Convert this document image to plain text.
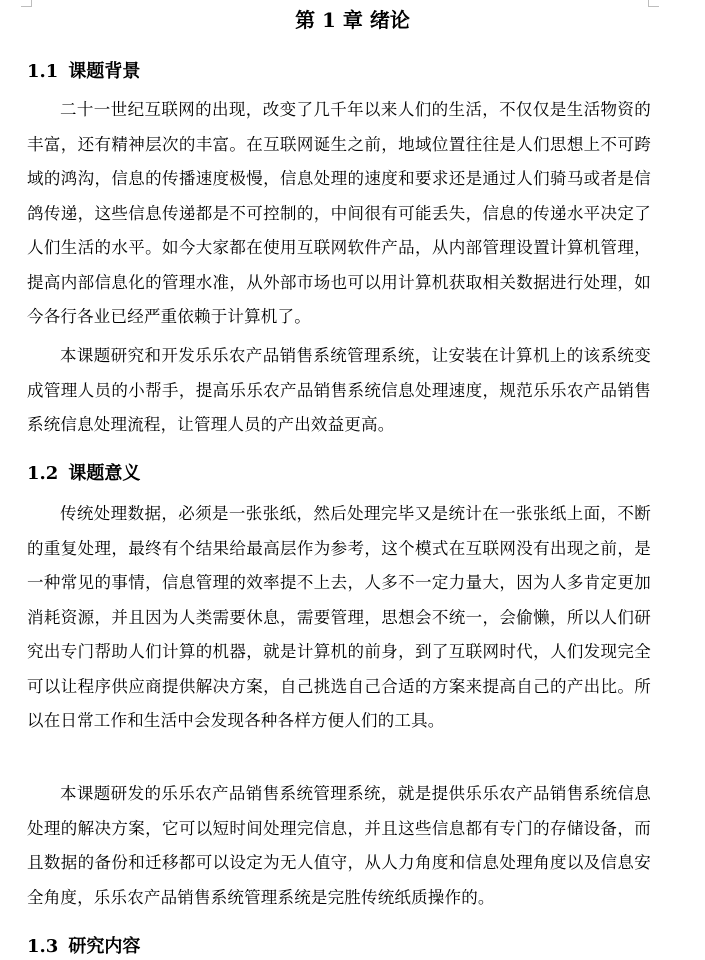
第 1 章 绪论
1.1 课题背景

二十一世纪互联网的出现，改变了几千年以来人们的生活，不仅仅是生活物资的丰富，还有精神层次的丰富。在互联网诞生之前，地域位置往往是人们思想上不可跨域的鸿沟，信息的传播速度极慢，信息处理的速度和要求还是通过人们骑马或者是信鸽传递，这些信息传递都是不可控制的，中间很有可能丢失，信息的传递水平决定了人们生活的水平。如今大家都在使用互联网软件产品，从内部管理设置计算机管理，提高内部信息化的管理水准，从外部市场也可以用计算机获取相关数据进行处理，如今各行各业已经严重依赖于计算机了。

本课题研究和开发乐乐农产品销售系统管理系统，让安装在计算机上的该系统变成管理人员的小帮手，提高乐乐农产品销售系统信息处理速度，规范乐乐农产品销售系统信息处理流程，让管理人员的产出效益更高。

1.2 课题意义

传统处理数据，必须是一张张纸，然后处理完毕又是统计在一张张纸上面，不断的重复处理，最终有个结果给最高层作为参考，这个模式在互联网没有出现之前，是一种常见的事情，信息管理的效率提不上去，人多不一定力量大，因为人多肯定更加消耗资源，并且因为人类需要休息，需要管理，思想会不统一，会偷懒，所以人们研究出专门帮助人们计算的机器，就是计算机的前身，到了互联网时代，人们发现完全可以让程序供应商提供解决方案，自己挑选自己合适的方案来提高自己的产出比。所以在日常工作和生活中会发现各种各样方便人们的工具。

本课题研发的乐乐农产品销售系统管理系统，就是提供乐乐农产品销售系统信息处理的解决方案，它可以短时间处理完信息，并且这些信息都有专门的存储设备，而且数据的备份和迁移都可以设定为无人值守，从人力角度和信息处理角度以及信息安全角度，乐乐农产品销售系统管理系统是完胜传统纸质操作的。

1.3 研究内容
